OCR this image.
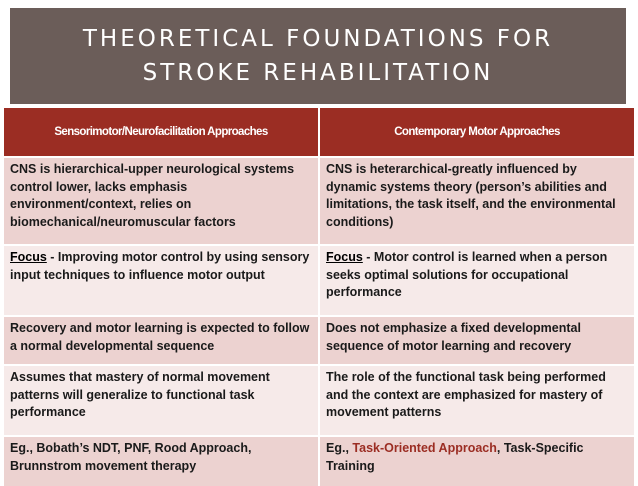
THEORETICAL FOUNDATIONS FOR
STROKE REHABILITATION
Sensorimotor/Neurofacilitation Approaches	Contemporary Motor Approaches
CNS is hierarchical-upper neurological systems control lower, lacks emphasis environment/context, relies on biomechanical/neuromuscular factors	CNS is heterarchical-greatly influenced by dynamic systems theory (person’s abilities and limitations, the task itself, and the environmental conditions)
Focus - Improving motor control by using sensory input techniques to influence motor output	Focus - Motor control is learned when a person seeks optimal solutions for occupational performance
Recovery and motor learning is expected to follow a normal developmental sequence	Does not emphasize a fixed developmental sequence of motor learning and recovery
Assumes that mastery of normal movement patterns will generalize to functional task performance	The role of the functional task being performed and the context are emphasized for mastery of movement patterns
Eg., Bobath’s NDT, PNF, Rood Approach, Brunnstrom movement therapy	Eg., Task-Oriented Approach, Task-Specific Training
